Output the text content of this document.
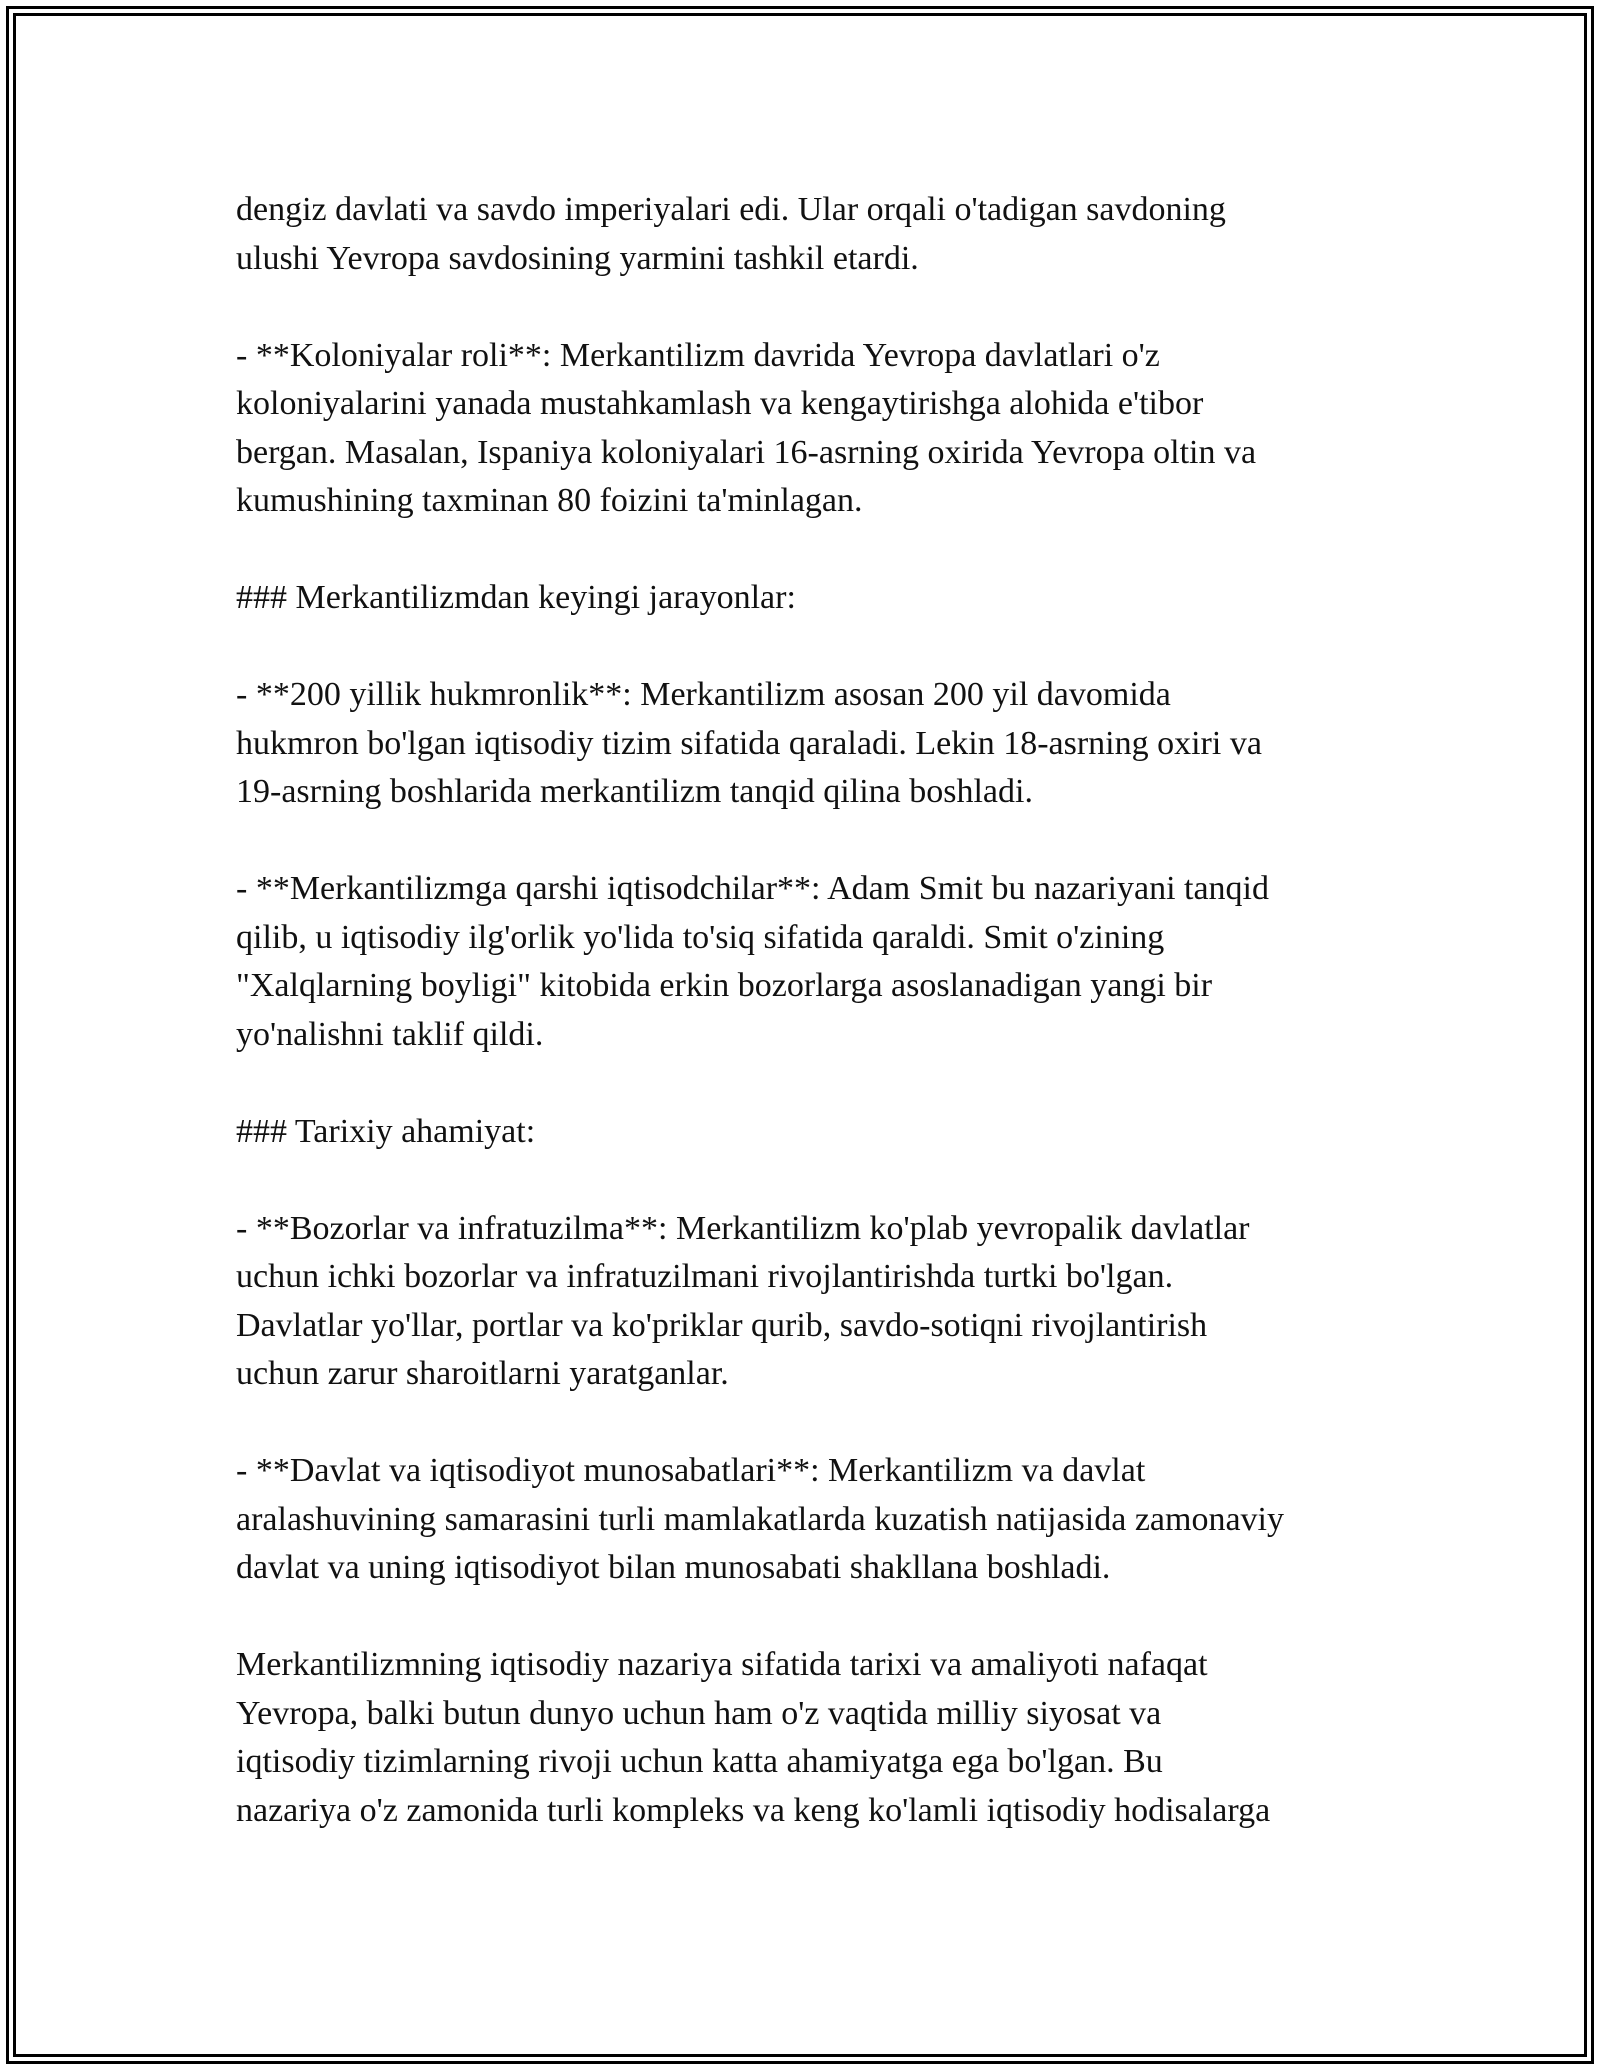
dengiz davlati va savdo imperiyalari edi. Ular orqali o'tadigan savdoning
ulushi Yevropa savdosining yarmini tashkil etardi.

- **Koloniyalar roli**: Merkantilizm davrida Yevropa davlatlari o'z
koloniyalarini yanada mustahkamlash va kengaytirishga alohida e'tibor
bergan. Masalan, Ispaniya koloniyalari 16-asrning oxirida Yevropa oltin va
kumushining taxminan 80 foizini ta'minlagan.

### Merkantilizmdan keyingi jarayonlar:

- **200 yillik hukmronlik**: Merkantilizm asosan 200 yil davomida
hukmron bo'lgan iqtisodiy tizim sifatida qaraladi. Lekin 18-asrning oxiri va
19-asrning boshlarida merkantilizm tanqid qilina boshladi.

- **Merkantilizmga qarshi iqtisodchilar**: Adam Smit bu nazariyani tanqid
qilib, u iqtisodiy ilg'orlik yo'lida to'siq sifatida qaraldi. Smit o'zining
"Xalqlarning boyligi" kitobida erkin bozorlarga asoslanadigan yangi bir
yo'nalishni taklif qildi.

### Tarixiy ahamiyat:

- **Bozorlar va infratuzilma**: Merkantilizm ko'plab yevropalik davlatlar
uchun ichki bozorlar va infratuzilmani rivojlantirishda turtki bo'lgan.
Davlatlar yo'llar, portlar va ko'priklar qurib, savdo-sotiqni rivojlantirish
uchun zarur sharoitlarni yaratganlar.

- **Davlat va iqtisodiyot munosabatlari**: Merkantilizm va davlat
aralashuvining samarasini turli mamlakatlarda kuzatish natijasida zamonaviy
davlat va uning iqtisodiyot bilan munosabati shakllana boshladi.

Merkantilizmning iqtisodiy nazariya sifatida tarixi va amaliyoti nafaqat
Yevropa, balki butun dunyo uchun ham o'z vaqtida milliy siyosat va
iqtisodiy tizimlarning rivoji uchun katta ahamiyatga ega bo'lgan. Bu
nazariya o'z zamonida turli kompleks va keng ko'lamli iqtisodiy hodisalarga
